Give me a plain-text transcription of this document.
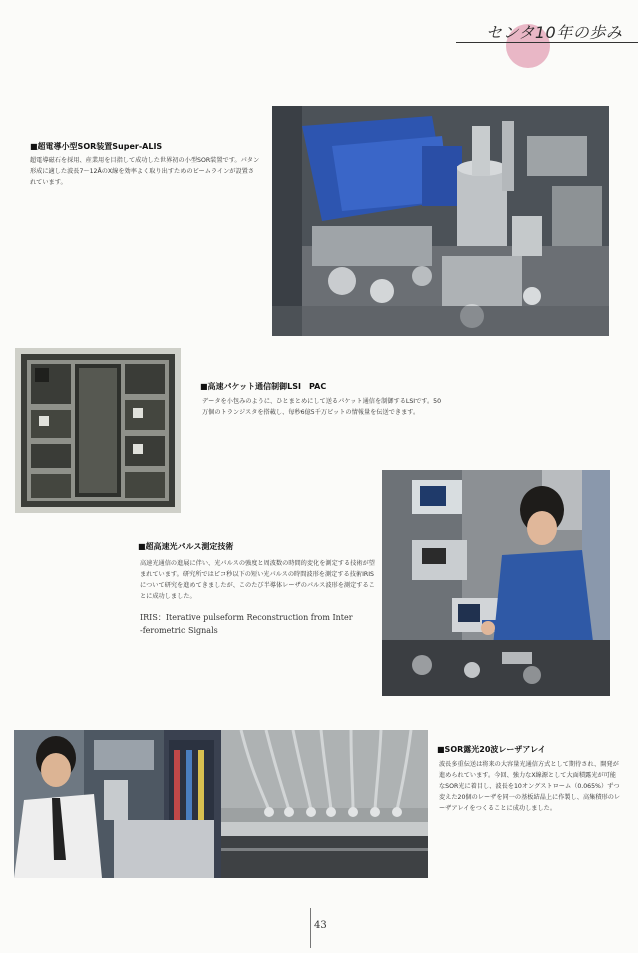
センタ10年の歩み
■超電導小型SOR装置Super-ALIS
超電導磁石を採用、産業用を目指して成功した世界初の小型SOR装置です。パタン形成に適した波長7〜12ÅのX線を効率よく取り出すためのビームラインが設置されています。
■高速パケット通信制御LSI　PAC
データを小包みのように、ひとまとめにして送るパケット通信を制御するLSIです。50万個のトランジスタを搭載し、毎秒6億5千万ビットの情報量を伝送できます。
■超高速光パルス測定技術
高速光通信の進展に伴い、光パルスの強度と周波数の時間的変化を測定する技術が望まれています。研究所ではピコ秒以下の短い光パルスの時間波形を測定する技術IRISについて研究を進めてきましたが、このたび半導体レーザのパルス波形を測定することに成功しました。
IRIS：Iterative pulseform Reconstruction from Inter
-ferometric Signals
■SOR露光20波レーザアレイ
波長多重伝送は将来の大容量光通信方式として期待され、開発が進められています。今回、強力なX線源として大面積露光が可能なSOR光に着目し、波長を10オングストローム（0.065%）ずつ変えた20個のレーザを同一の基板結晶上に作製し、高集積形のレーザアレイをつくることに成功しました。
43
